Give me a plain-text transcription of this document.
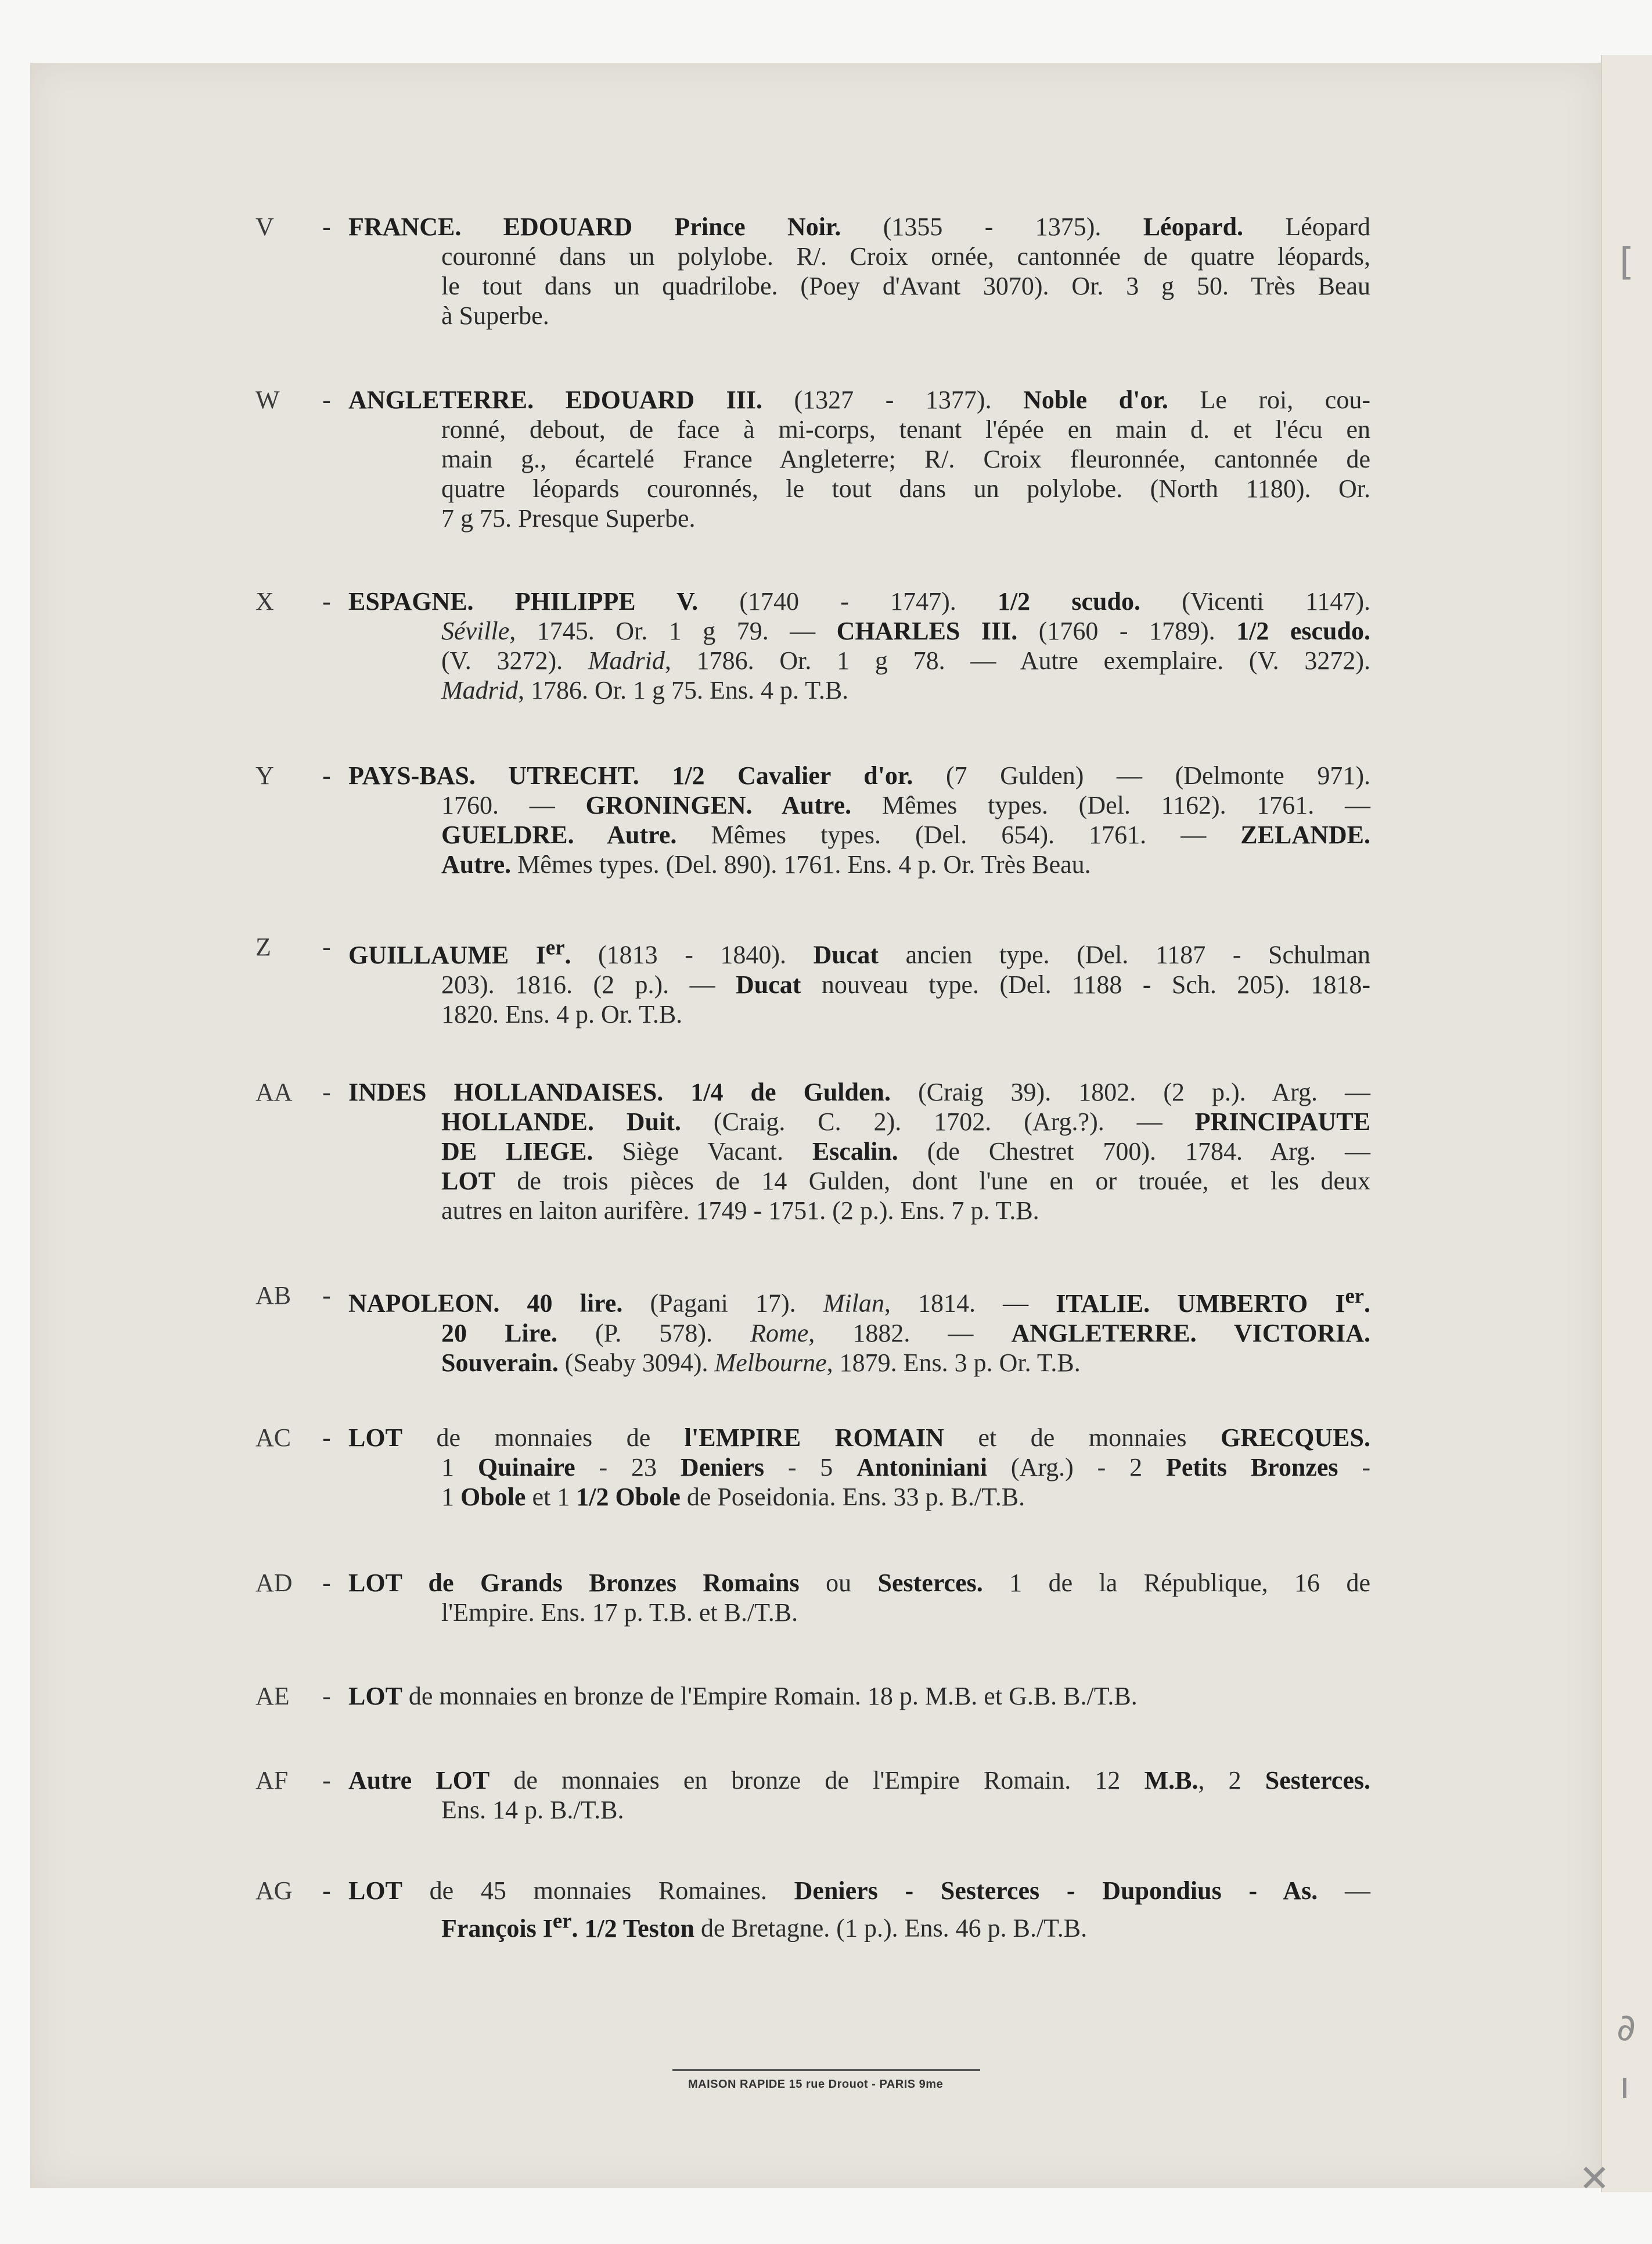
[
∂
ı
✕
V	- FRANCE. EDOUARD Prince Noir. (1355 - 1375). Léopard. Léopard
couronné dans un polylobe. R/. Croix ornée, cantonnée de quatre léopards,
le tout dans un quadrilobe. (Poey d'Avant 3070). Or. 3 g 50. Très Beau
à Superbe.
W	- ANGLETERRE. EDOUARD III. (1327 - 1377). Noble d'or. Le roi, cou-
ronné, debout, de face à mi-corps, tenant l'épée en main d. et l'écu en
main g., écartelé France Angleterre; R/. Croix fleuronnée, cantonnée de
quatre léopards couronnés, le tout dans un polylobe. (North 1180). Or.
7 g 75. Presque Superbe.
X	- ESPAGNE. PHILIPPE V. (1740 - 1747). 1/2 scudo. (Vicenti 1147).
Séville, 1745. Or. 1 g 79. — CHARLES III. (1760 - 1789). 1/2 escudo.
(V. 3272). Madrid, 1786. Or. 1 g 78. — Autre exemplaire. (V. 3272).
Madrid, 1786. Or. 1 g 75. Ens. 4 p. T.B.
Y	- PAYS-BAS. UTRECHT. 1/2 Cavalier d'or. (7 Gulden) — (Delmonte 971).
1760. — GRONINGEN. Autre. Mêmes types. (Del. 1162). 1761. —
GUELDRE. Autre. Mêmes types. (Del. 654). 1761. — ZELANDE.
Autre. Mêmes types. (Del. 890). 1761. Ens. 4 p. Or. Très Beau.
Z	- GUILLAUME Ier. (1813 - 1840). Ducat ancien type. (Del. 1187 - Schulman
203). 1816. (2 p.). — Ducat nouveau type. (Del. 1188 - Sch. 205). 1818-
1820. Ens. 4 p. Or. T.B.
AA	- INDES HOLLANDAISES. 1/4 de Gulden. (Craig 39). 1802. (2 p.). Arg. —
HOLLANDE. Duit. (Craig. C. 2). 1702. (Arg.?). — PRINCIPAUTE
DE LIEGE. Siège Vacant. Escalin. (de Chestret 700). 1784. Arg. —
LOT de trois pièces de 14 Gulden, dont l'une en or trouée, et les deux
autres en laiton aurifère. 1749 - 1751. (2 p.). Ens. 7 p. T.B.
AB	- NAPOLEON. 40 lire. (Pagani 17). Milan, 1814. — ITALIE. UMBERTO Ier.
20 Lire. (P. 578). Rome, 1882. — ANGLETERRE. VICTORIA.
Souverain. (Seaby 3094). Melbourne, 1879. Ens. 3 p. Or. T.B.
AC	- LOT de monnaies de l'EMPIRE ROMAIN et de monnaies GRECQUES.
1 Quinaire - 23 Deniers - 5 Antoniniani (Arg.) - 2 Petits Bronzes -
1 Obole et 1 1/2 Obole de Poseidonia. Ens. 33 p. B./T.B.
AD	- LOT de Grands Bronzes Romains ou Sesterces. 1 de la République, 16 de
l'Empire. Ens. 17 p. T.B. et B./T.B.
AE	- LOT de monnaies en bronze de l'Empire Romain. 18 p. M.B. et G.B. B./T.B.
AF	- Autre LOT de monnaies en bronze de l'Empire Romain. 12 M.B., 2 Sesterces.
Ens. 14 p. B./T.B.
AG	- LOT de 45 monnaies Romaines. Deniers - Sesterces - Dupondius - As. —
François Ier. 1/2 Teston de Bretagne. (1 p.). Ens. 46 p. B./T.B.
MAISON RAPIDE 15 rue Drouot - PARIS 9me
